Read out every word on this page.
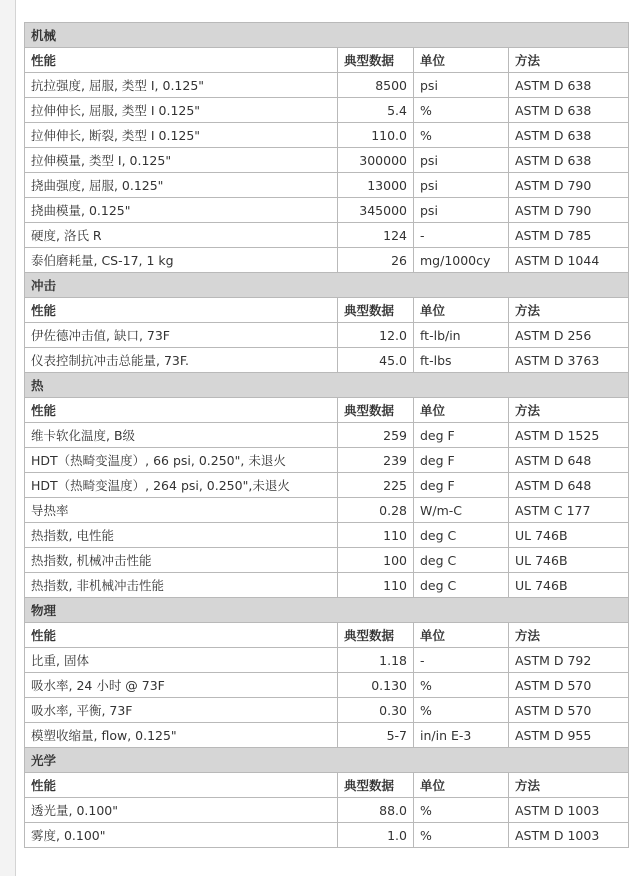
机械			
性能	典型数据	单位	方法
抗拉强度, 屈服, 类型 I, 0.125"	8500	psi	ASTM D 638
拉伸伸长, 屈服, 类型 I 0.125"	5.4	%	ASTM D 638
拉伸伸长, 断裂, 类型 I 0.125"	110.0	%	ASTM D 638
拉伸模量, 类型 I, 0.125"	300000	psi	ASTM D 638
挠曲强度, 屈服, 0.125"	13000	psi	ASTM D 790
挠曲模量, 0.125"	345000	psi	ASTM D 790
硬度, 洛氏 R	124	-	ASTM D 785
泰伯磨耗量, CS-17, 1 kg	26	mg/1000cy	ASTM D 1044
冲击			
性能	典型数据	单位	方法
伊佐德冲击值, 缺口, 73F	12.0	ft-lb/in	ASTM D 256
仪表控制抗冲击总能量, 73F.	45.0	ft-lbs	ASTM D 3763
热			
性能	典型数据	单位	方法
维卡软化温度, B级	259	deg F	ASTM D 1525
HDT（热畸变温度）, 66 psi, 0.250", 未退火	239	deg F	ASTM D 648
HDT（热畸变温度）, 264 psi, 0.250",未退火	225	deg F	ASTM D 648
导热率	0.28	W/m-C	ASTM C 177
热指数, 电性能	110	deg C	UL 746B
热指数, 机械冲击性能	100	deg C	UL 746B
热指数, 非机械冲击性能	110	deg C	UL 746B
物理			
性能	典型数据	单位	方法
比重, 固体	1.18	-	ASTM D 792
吸水率, 24 小时 @ 73F	0.130	%	ASTM D 570
吸水率, 平衡, 73F	0.30	%	ASTM D 570
模塑收缩量, flow, 0.125"	5-7	in/in E-3	ASTM D 955
光学			
性能	典型数据	单位	方法
透光量, 0.100"	88.0	%	ASTM D 1003
雾度, 0.100"	1.0	%	ASTM D 1003
